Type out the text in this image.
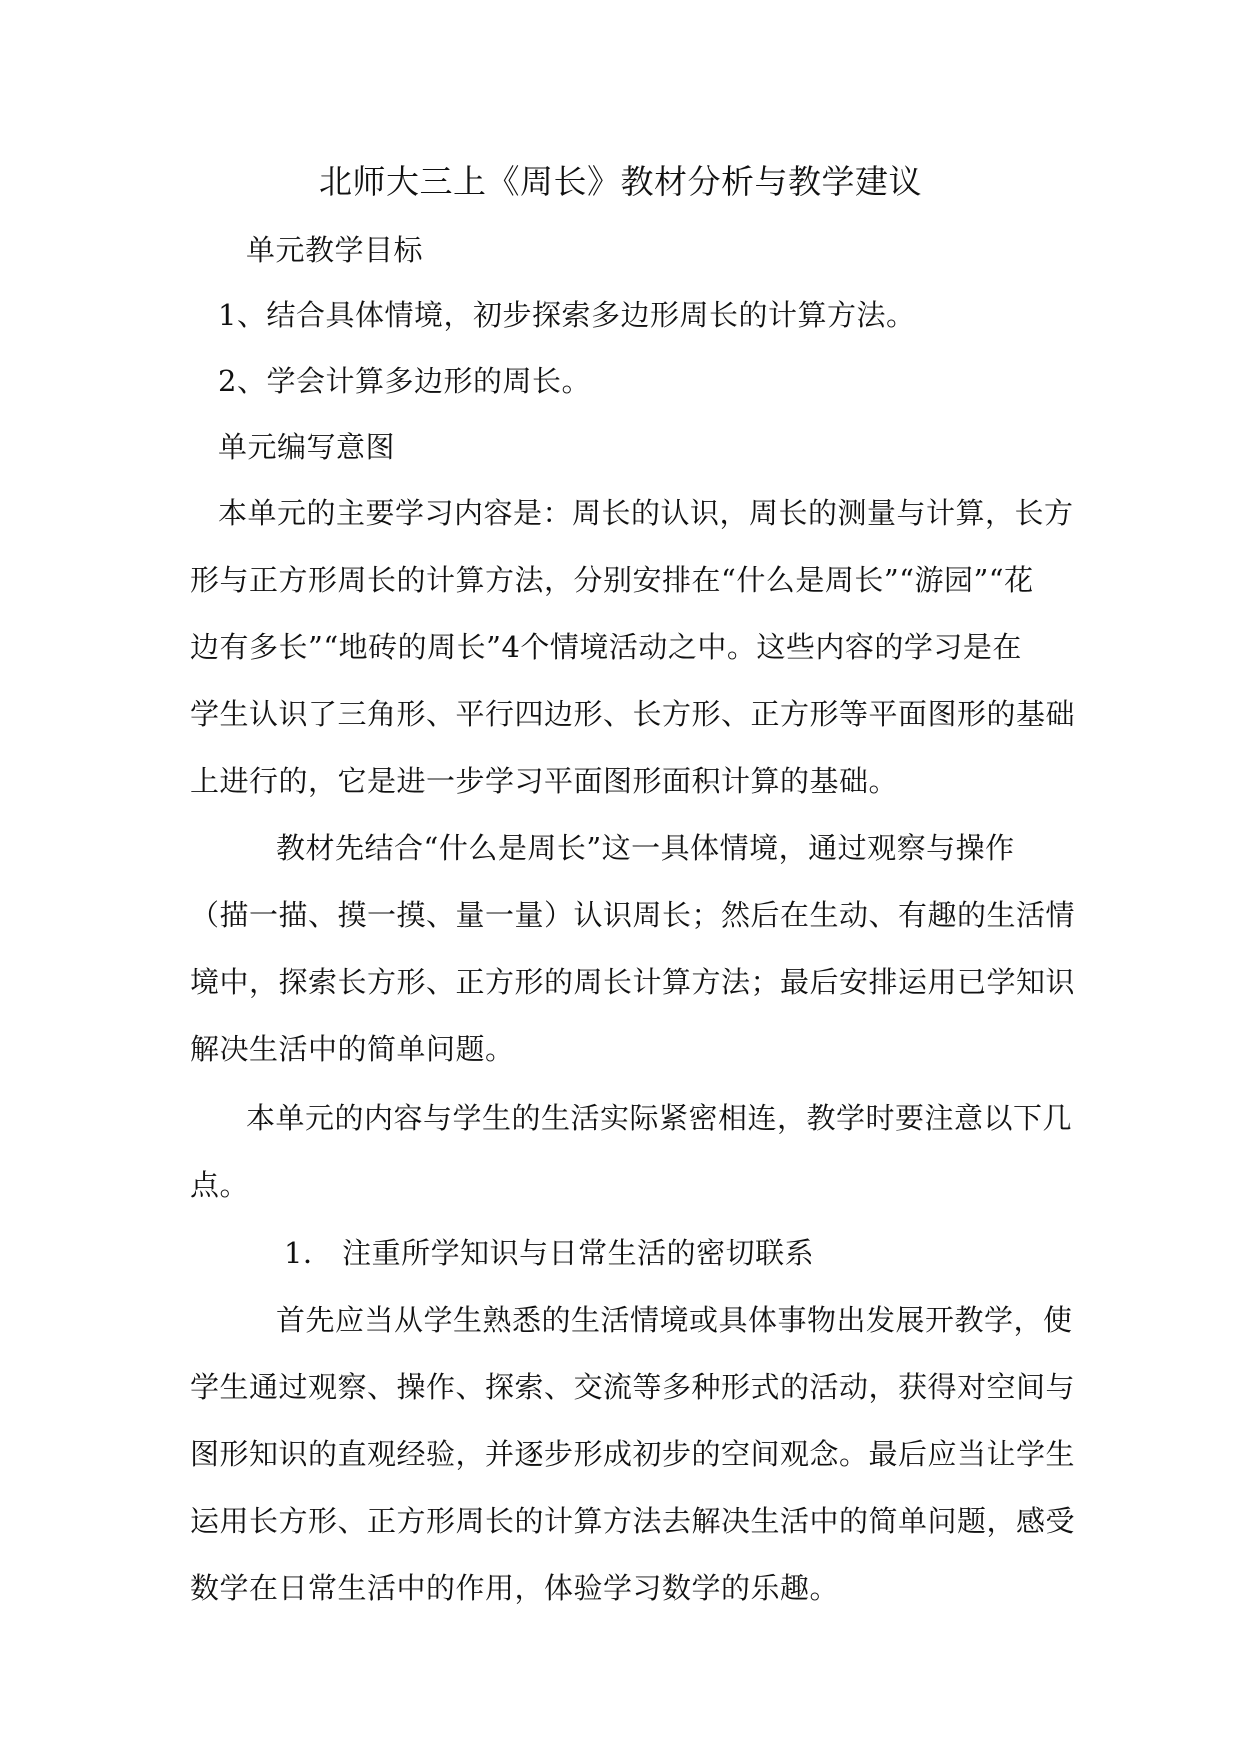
北师大三上《周长》教材分析与教学建议
单元教学目标
1、结合具体情境，初步探索多边形周长的计算方法。
2、学会计算多边形的周长。
单元编写意图
本单元的主要学习内容是：周长的认识，周长的测量与计算，长方
形与正方形周长的计算方法，分别安排在“什么是周长”“游园”“花
边有多长”“地砖的周长”4个情境活动之中。这些内容的学习是在
学生认识了三角形、平行四边形、长方形、正方形等平面图形的基础
上进行的，它是进一步学习平面图形面积计算的基础。
教材先结合“什么是周长”这一具体情境，通过观察与操作
（描一描、摸一摸、量一量）认识周长；然后在生动、有趣的生活情
境中，探索长方形、正方形的周长计算方法；最后安排运用已学知识
解决生活中的简单问题。
本单元的内容与学生的生活实际紧密相连，教学时要注意以下几
点。
1． 注重所学知识与日常生活的密切联系
首先应当从学生熟悉的生活情境或具体事物出发展开教学，使
学生通过观察、操作、探索、交流等多种形式的活动，获得对空间与
图形知识的直观经验，并逐步形成初步的空间观念。最后应当让学生
运用长方形、正方形周长的计算方法去解决生活中的简单问题，感受
数学在日常生活中的作用，体验学习数学的乐趣。
